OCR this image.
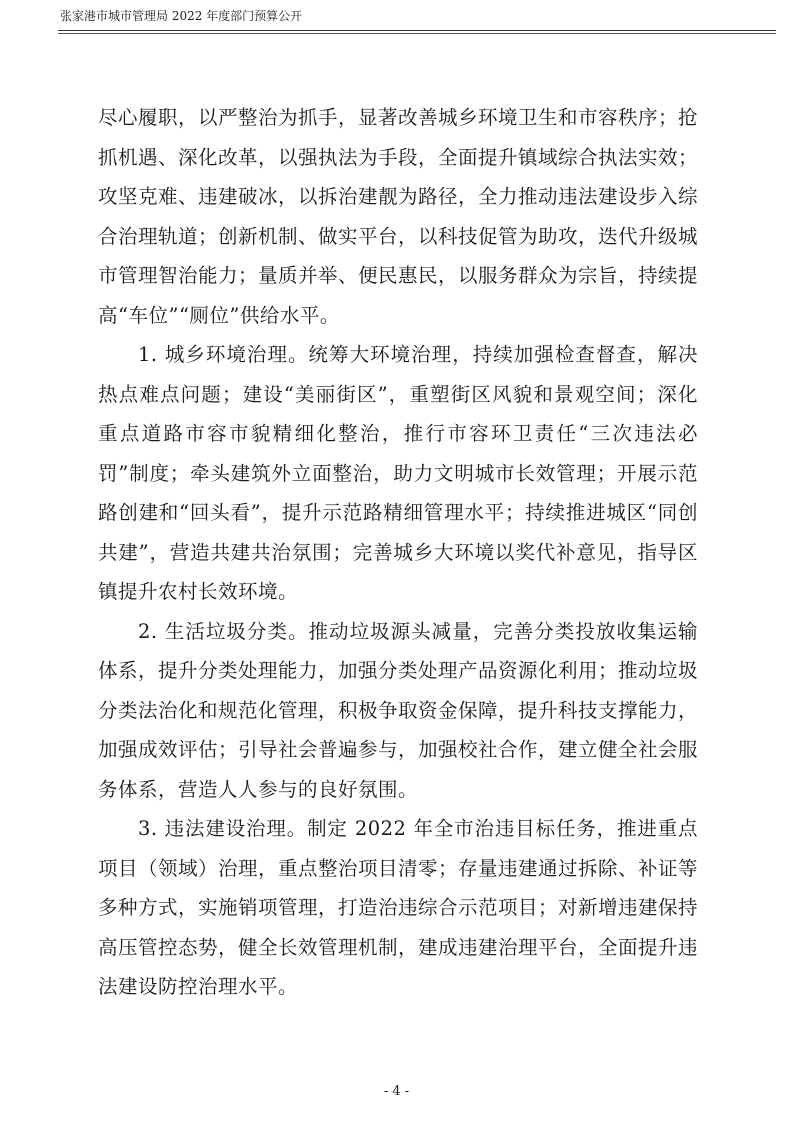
张家港市城市管理局 2022 年度部门预算公开

尽心履职，以严整治为抓手，显著改善城乡环境卫生和市容秩序；抢抓机遇、深化改革，以强执法为手段，全面提升镇域综合执法实效；攻坚克难、违建破冰，以拆治建靓为路径，全力推动违法建设步入综合治理轨道；创新机制、做实平台，以科技促管为助攻，迭代升级城市管理智治能力；量质并举、便民惠民，以服务群众为宗旨，持续提高“车位”“厕位”供给水平。

1. 城乡环境治理。统筹大环境治理，持续加强检查督查，解决热点难点问题；建设“美丽街区”，重塑街区风貌和景观空间；深化重点道路市容市貌精细化整治，推行市容环卫责任“三次违法必罚”制度；牵头建筑外立面整治，助力文明城市长效管理；开展示范路创建和“回头看”，提升示范路精细管理水平；持续推进城区“同创共建”，营造共建共治氛围；完善城乡大环境以奖代补意见，指导区镇提升农村长效环境。

2. 生活垃圾分类。推动垃圾源头减量，完善分类投放收集运输体系，提升分类处理能力，加强分类处理产品资源化利用；推动垃圾分类法治化和规范化管理，积极争取资金保障，提升科技支撑能力，加强成效评估；引导社会普遍参与，加强校社合作，建立健全社会服务体系，营造人人参与的良好氛围。

3. 违法建设治理。制定 2022 年全市治违目标任务，推进重点项目（领域）治理，重点整治项目清零；存量违建通过拆除、补证等多种方式，实施销项管理，打造治违综合示范项目；对新增违建保持高压管控态势，健全长效管理机制，建成违建治理平台，全面提升违法建设防控治理水平。

- 4 -
